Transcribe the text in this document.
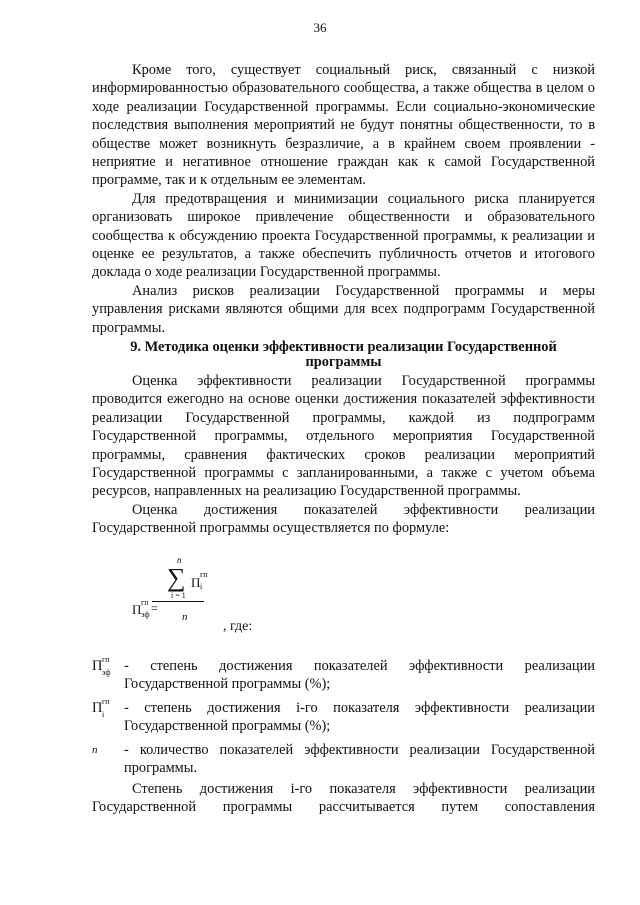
36

Кроме того, существует социальный риск, связанный с низкой информированностью образовательного сообщества, а также общества в целом о ходе реализации Государственной программы. Если социально-экономические последствия выполнения мероприятий не будут понятны общественности, то в обществе может возникнуть безразличие, а в крайнем своем проявлении - неприятие и негативное отношение граждан как к самой Государственной программе, так и к отдельным ее элементам.

Для предотвращения и минимизации социального риска планируется организовать широкое привлечение общественности и образовательного сообщества к обсуждению проекта Государственной программы, к реализации и оценке ее результатов, а также обеспечить публичность отчетов и итогового доклада о ходе реализации Государственной программы.

Анализ рисков реализации Государственной программы и меры управления рисками являются общими для всех подпрограмм Государственной программы.

9. Методика оценки эффективности реализации Государственной программы

Оценка эффективности реализации Государственной программы проводится ежегодно на основе оценки достижения показателей эффективности реализации Государственной программы, каждой из подпрограмм Государственной программы, отдельного мероприятия Государственной программы, сравнения фактических сроков реализации мероприятий Государственной программы с запланированными, а также с учетом объема ресурсов, направленных на реализацию Государственной программы.

Оценка достижения показателей эффективности реализации Государственной программы осуществляется по формуле:

n
∑ П
гп
i
i = 1
П гп
эф =
n
, где:
П гп
эф - степень достижения показателей эффективности реализации Государственной программы (%);
П гп
i - степень достижения i-го показателя эффективности реализации Государственной программы (%);
n	- количество показателей эффективности реализации Государственной программы.

Степень достижения i-го показателя эффективности реализации Государственной программы рассчитывается путем сопоставления
